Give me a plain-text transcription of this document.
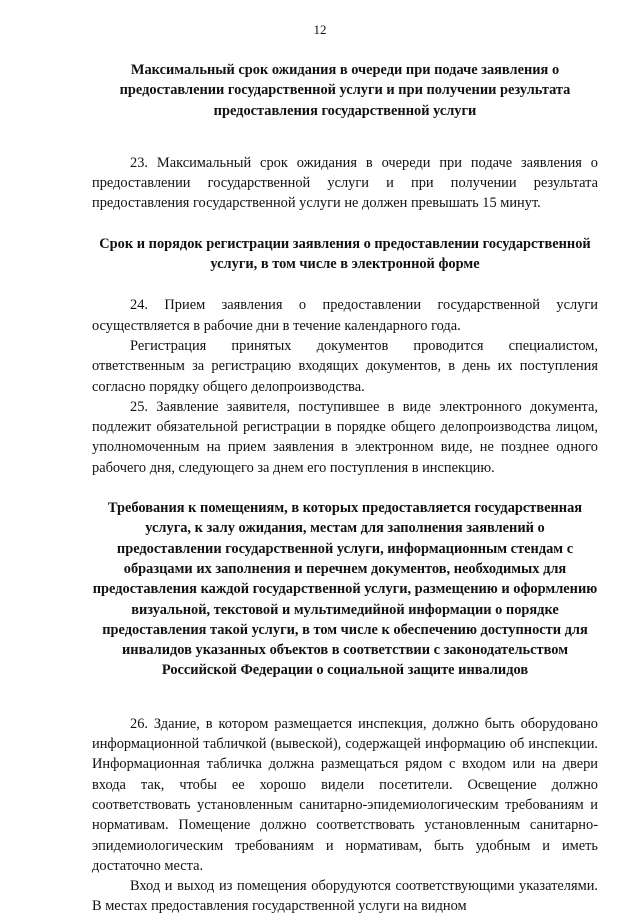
12

Максимальный срок ожидания в очереди при подаче заявления о предоставлении государственной услуги и при получении результата предоставления государственной услуги

23. Максимальный срок ожидания в очереди при подаче заявления о предоставлении государственной услуги и при получении результата предоставления государственной услуги не должен превышать 15 минут.

Срок и порядок регистрации заявления о предоставлении государственной услуги, в том числе в электронной форме

24. Прием заявления о предоставлении государственной услуги осуществляется в рабочие дни в течение календарного года.

Регистрация принятых документов проводится специалистом, ответственным за регистрацию входящих документов, в день их поступления согласно порядку общего делопроизводства.

25. Заявление заявителя, поступившее в виде электронного документа, подлежит обязательной регистрации в порядке общего делопроизводства лицом, уполномоченным на прием заявления в электронном виде, не позднее одного рабочего дня, следующего за днем его поступления в инспекцию.

Требования к помещениям, в которых предоставляется государственная услуга, к залу ожидания, местам для заполнения заявлений о предоставлении государственной услуги, информационным стендам с образцами их заполнения и перечнем документов, необходимых для предоставления каждой государственной услуги, размещению и оформлению визуальной, текстовой и мультимедийной информации о порядке предоставления такой услуги, в том числе к обеспечению доступности для инвалидов указанных объектов в соответствии с законодательством Российской Федерации о социальной защите инвалидов

26. Здание, в котором размещается инспекция, должно быть оборудовано информационной табличкой (вывеской), содержащей информацию об инспекции. Информационная табличка должна размещаться рядом с входом или на двери входа так, чтобы ее хорошо видели посетители. Освещение должно соответствовать установленным санитарно-эпидемиологическим требованиям и нормативам. Помещение должно соответствовать установленным санитарно-эпидемиологическим требованиям и нормативам, быть удобным и иметь достаточно места.

Вход и выход из помещения оборудуются соответствующими указателями. В местах предоставления государственной услуги на видном
